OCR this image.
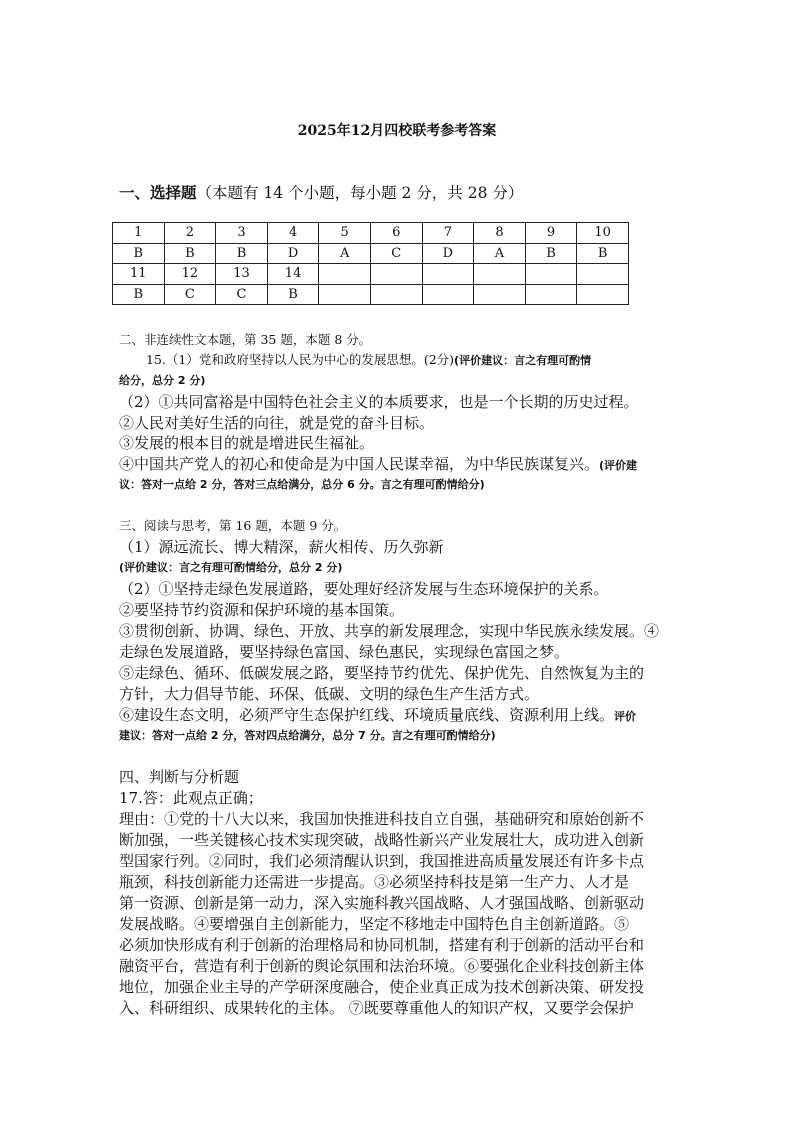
2025年12月四校联考参考答案
一、选择题（本题有 14 个小题，每小题 2 分，共 28 分）
1	2	3	4	5	6	7	8	9	10
B	B	B	D	A	C	D	A	B	B
11	12	13	14						
B	C	C	B						
二、非连续性文本题，第 35 题，本题 8 分。
15.（1）党和政府坚持以人民为中心的发展思想。(2分)(评价建议：言之有理可酌情
给分，总分 2 分)
（2）①共同富裕是中国特色社会主义的本质要求，也是一个长期的历史过程。
②人民对美好生活的向往，就是党的奋斗目标。
③发展的根本目的就是增进民生福祉。
④中国共产党人的初心和使命是为中国人民谋幸福，为中华民族谋复兴。(评价建
议：答对一点给 2 分，答对三点给满分，总分 6 分。言之有理可酌情给分)
三、阅读与思考，第 16 题，本题 9 分。
（1）源远流长、博大精深，薪火相传、历久弥新
(评价建议：言之有理可酌情给分，总分 2 分)
（2）①坚持走绿色发展道路，要处理好经济发展与生态环境保护的关系。
②要坚持节约资源和保护环境的基本国策。
③贯彻创新、协调、绿色、开放、共享的新发展理念，实现中华民族永续发展。④
走绿色发展道路，要坚持绿色富国、绿色惠民，实现绿色富国之梦。
⑤走绿色、循环、低碳发展之路，要坚持节约优先、保护优先、自然恢复为主的
方针，大力倡导节能、环保、低碳、文明的绿色生产生活方式。
⑥建设生态文明，必须严守生态保护红线、环境质量底线、资源利用上线。评价
建议：答对一点给 2 分，答对四点给满分，总分 7 分。言之有理可酌情给分)
四、判断与分析题
17.答：此观点正确；
理由：①党的十八大以来，我国加快推进科技自立自强，基础研究和原始创新不
断加强，一些关键核心技术实现突破，战略性新兴产业发展壮大，成功进入创新
型国家行列。②同时，我们必须清醒认识到，我国推进高质量发展还有许多卡点
瓶颈，科技创新能力还需进一步提高。③必须坚持科技是第一生产力、人才是
第一资源、创新是第一动力，深入实施科教兴国战略、人才强国战略、创新驱动
发展战略。④要增强自主创新能力，坚定不移地走中国特色自主创新道路。⑤
必须加快形成有利于创新的治理格局和协同机制，搭建有利于创新的活动平台和
融资平台，营造有利于创新的舆论氛围和法治环境。⑥要强化企业科技创新主体
地位，加强企业主导的产学研深度融合，使企业真正成为技术创新决策、研发投
入、科研组织、成果转化的主体。 ⑦既要尊重他人的知识产权，又要学会保护
